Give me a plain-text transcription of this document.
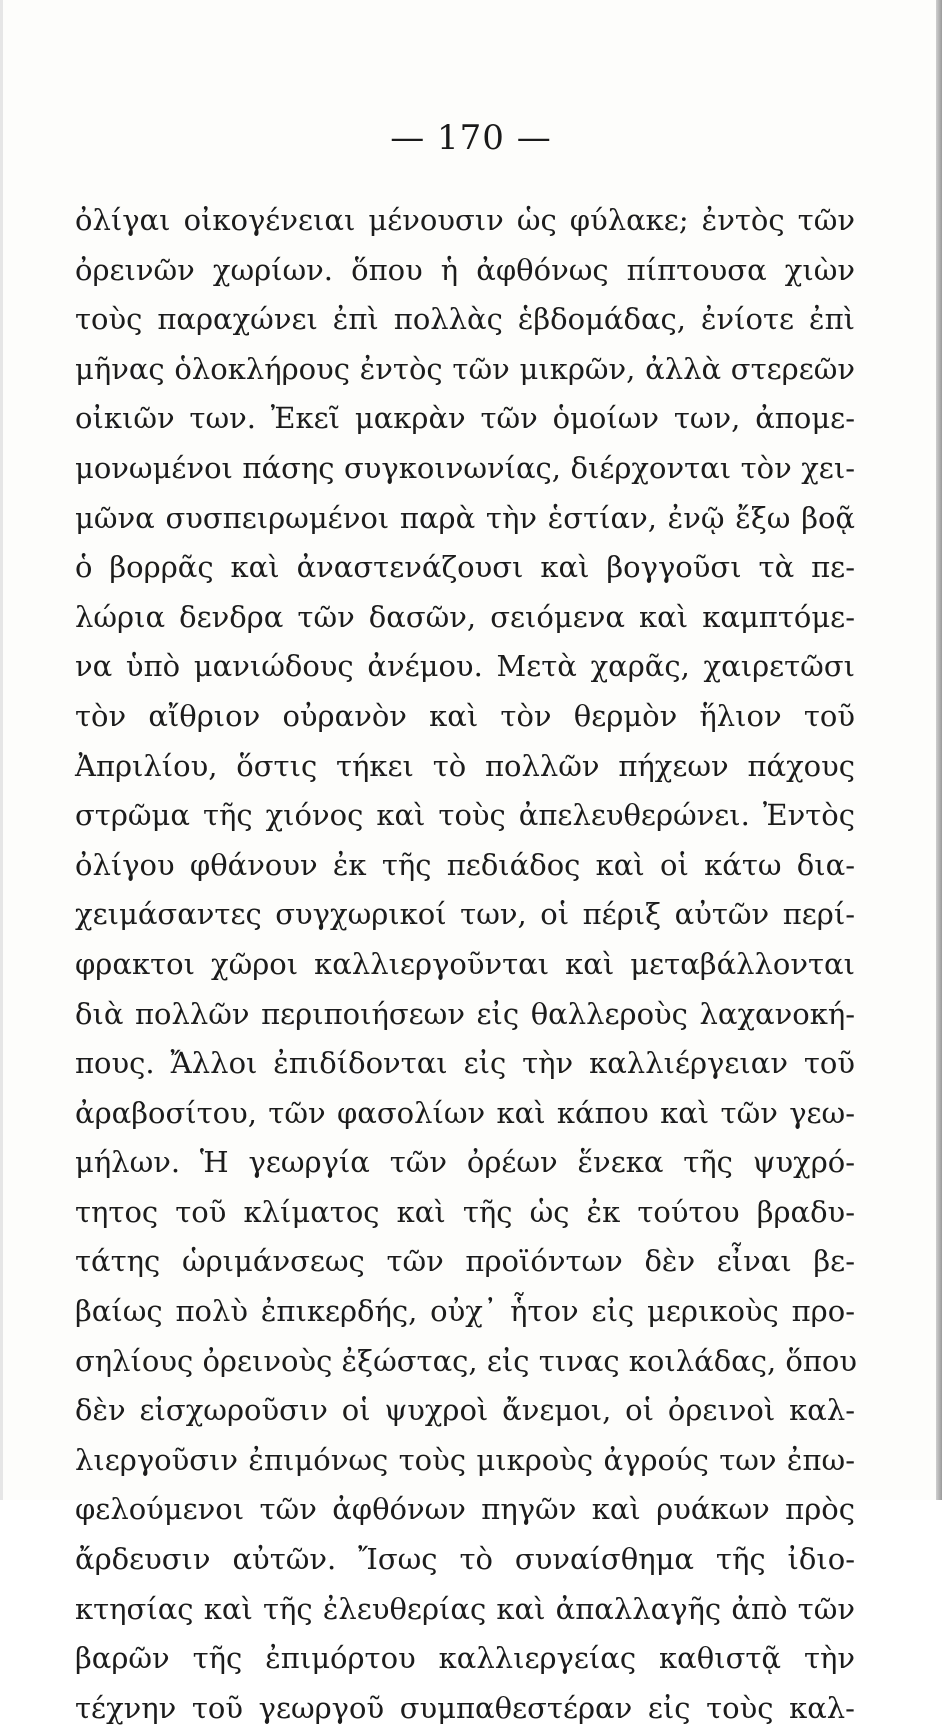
— 170 —
ὀλίγαι οἰκογένειαι μένουσιν ὡς φύλακε; ἐντὸς τῶν
ὀρεινῶν χωρίων. ὅπου ἡ ἀφθόνως πίπτουσα χιὼν
τοὺς παραχώνει ἐπὶ πολλὰς ἑβδομάδας, ἐνίοτε ἐπὶ
μῆνας ὁλοκλήρους ἐντὸς τῶν μικρῶν, ἀλλὰ στερεῶν
οἰκιῶν των. Ἐκεῖ μακρὰν τῶν ὁμοίων των, ἀπομε-
μονωμένοι πάσης συγκοινωνίας, διέρχονται τὸν χει-
μῶνα συσπειρωμένοι παρὰ τὴν ἑστίαν, ἐνῷ ἔξω βοᾷ
ὁ βορρᾶς καὶ ἀναστενάζουσι καὶ βογγοῦσι τὰ πε-
λώρια δενδρα τῶν δασῶν, σειόμενα καὶ καμπτόμε-
να ὑπὸ μανιώδους ἀνέμου. Μετὰ χαρᾶς, χαιρετῶσι
τὸν αἴθριον οὐρανὸν καὶ τὸν θερμὸν ἥλιον τοῦ
Ἀπριλίου, ὅστις τήκει τὸ πολλῶν πήχεων πάχους
στρῶμα τῆς χιόνος καὶ τοὺς ἀπελευθερώνει. Ἐντὸς
ὀλίγου φθάνουν ἐκ τῆς πεδιάδος καὶ οἱ κάτω δια-
χειμάσαντες συγχωρικοί των, οἱ πέριξ αὐτῶν περί-
φρακτοι χῶροι καλλιεργοῦνται καὶ μεταβάλλονται
διὰ πολλῶν περιποιήσεων εἰς θαλλεροὺς λαχανοκή-
πους. Ἄλλοι ἐπιδίδονται εἰς τὴν καλλιέργειαν τοῦ
ἀραβοσίτου, τῶν φασολίων καὶ κάπου καὶ τῶν γεω-
μήλων. Ἡ γεωργία τῶν ὀρέων ἕνεκα τῆς ψυχρό-
τητος τοῦ κλίματος καὶ τῆς ὡς ἐκ τούτου βραδυ-
τάτης ὡριμάνσεως τῶν προϊόντων δὲν εἶναι βε-
βαίως πολὺ ἐπικερδής, οὐχ᾽ ἧτον εἰς μερικοὺς προ-
σηλίους ὀρεινοὺς ἐξώστας, εἰς τινας κοιλάδας, ὅπου
δὲν εἰσχωροῦσιν οἱ ψυχροὶ ἄνεμοι, οἱ ὀρεινοὶ καλ-
λιεργοῦσιν ἐπιμόνως τοὺς μικροὺς ἀγρούς των ἐπω-
φελούμενοι τῶν ἀφθόνων πηγῶν καὶ ρυάκων πρὸς
ἄρδευσιν αὐτῶν. Ἴσως τὸ συναίσθημα τῆς ἰδιο-
κτησίας καὶ τῆς ἐλευθερίας καὶ ἀπαλλαγῆς ἀπὸ τῶν
βαρῶν τῆς ἐπιμόρτου καλλιεργείας καθιστᾷ τὴν
τέχνην τοῦ γεωργοῦ συμπαθεστέραν εἰς τοὺς καλ-
